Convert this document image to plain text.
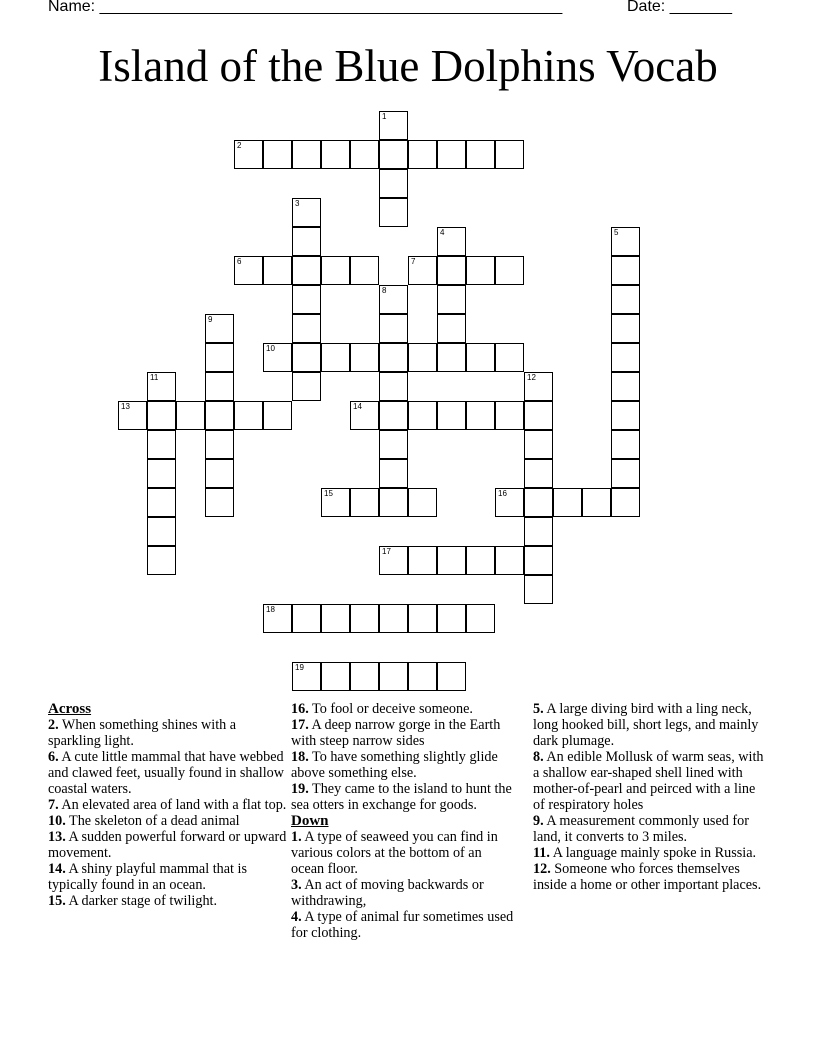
Name: ____________________________________________________	Date: _______
Island of the Blue Dolphins Vocab
1
2
3
4	5
6	7
8
9
10
11	12
13	14
15	16
17
18
19
Across

2. When something shines with a sparkling light.

6. A cute little mammal that have webbed and clawed feet, usually found in shallow coastal waters.

7. An elevated area of land with a flat top.

10. The skeleton of a dead animal

13. A sudden powerful forward or upward movement.

14. A shiny playful mammal that is typically found in an ocean.

15. A darker stage of twilight.

16. To fool or deceive someone.

17. A deep narrow gorge in the Earth with steep narrow sides

18. To have something slightly glide above something else.

19. They came to the island to hunt the sea otters in exchange for goods.

Down

1. A type of seaweed you can find in various colors at the bottom of an ocean floor.

3. An act of moving backwards or withdrawing,

4. A type of animal fur sometimes used for clothing.

5. A large diving bird with a ling neck, long hooked bill, short legs, and mainly dark plumage.

8. An edible Mollusk of warm seas, with a shallow ear-shaped shell lined with mother-of-pearl and peirced with a line of respiratory holes

9. A measurement commonly used for land, it converts to 3 miles.

11. A language mainly spoke in Russia.

12. Someone who forces themselves inside a home or other important places.
